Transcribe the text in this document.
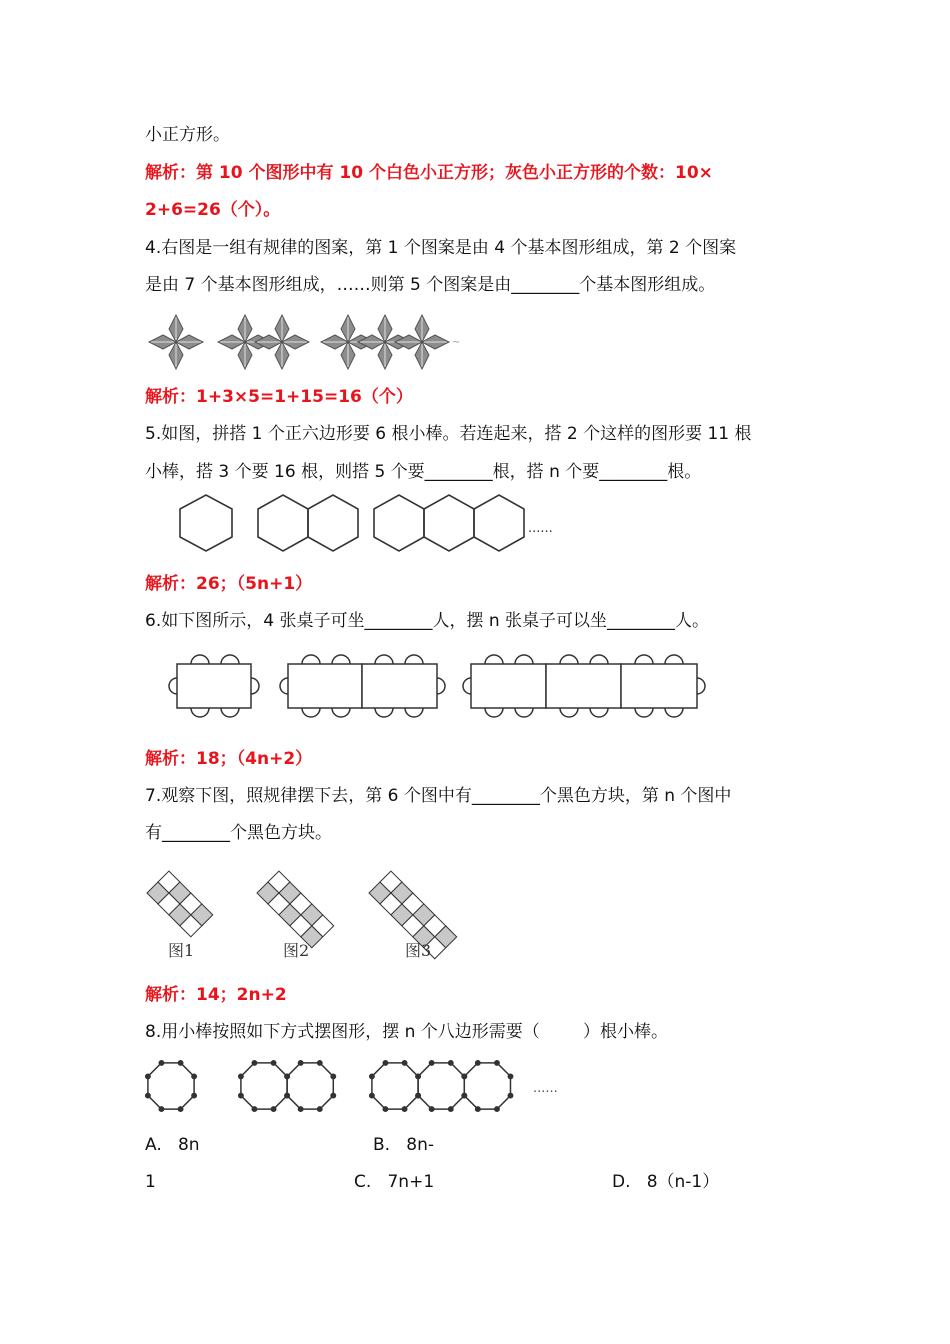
小正方形。
解析：第 10 个图形中有 10 个白色小正方形；灰色小正方形的个数：10×
2+6=26（个）。
4.右图是一组有规律的图案，第 1 个图案是由 4 个基本图形组成，第 2 个图案
是由 7 个基本图形组成，……则第 5 个图案是由________个基本图形组成。
~
解析：1+3×5=1+15=16（个）
5.如图，拼搭 1 个正六边形要 6 根小棒。若连起来，搭 2 个这样的图形要 11 根
小棒，搭 3 个要 16 根，则搭 5 个要________根，搭 n 个要________根。
......
解析：26；（5n+1）
6.如下图所示，4 张桌子可坐________人，摆 n 张桌子可以坐________人。
解析：18；（4n+2）
7.观察下图，照规律摆下去，第 6 个图中有________个黑色方块，第 n 个图中
有________个黑色方块。
图1	图2	图3
解析：14；2n+2
8.用小棒按照如下方式摆图形，摆 n 个八边形需要（        ）根小棒。
......
A.   8n	B.   8n-
1	C.   7n+1	D.   8（n-1）
